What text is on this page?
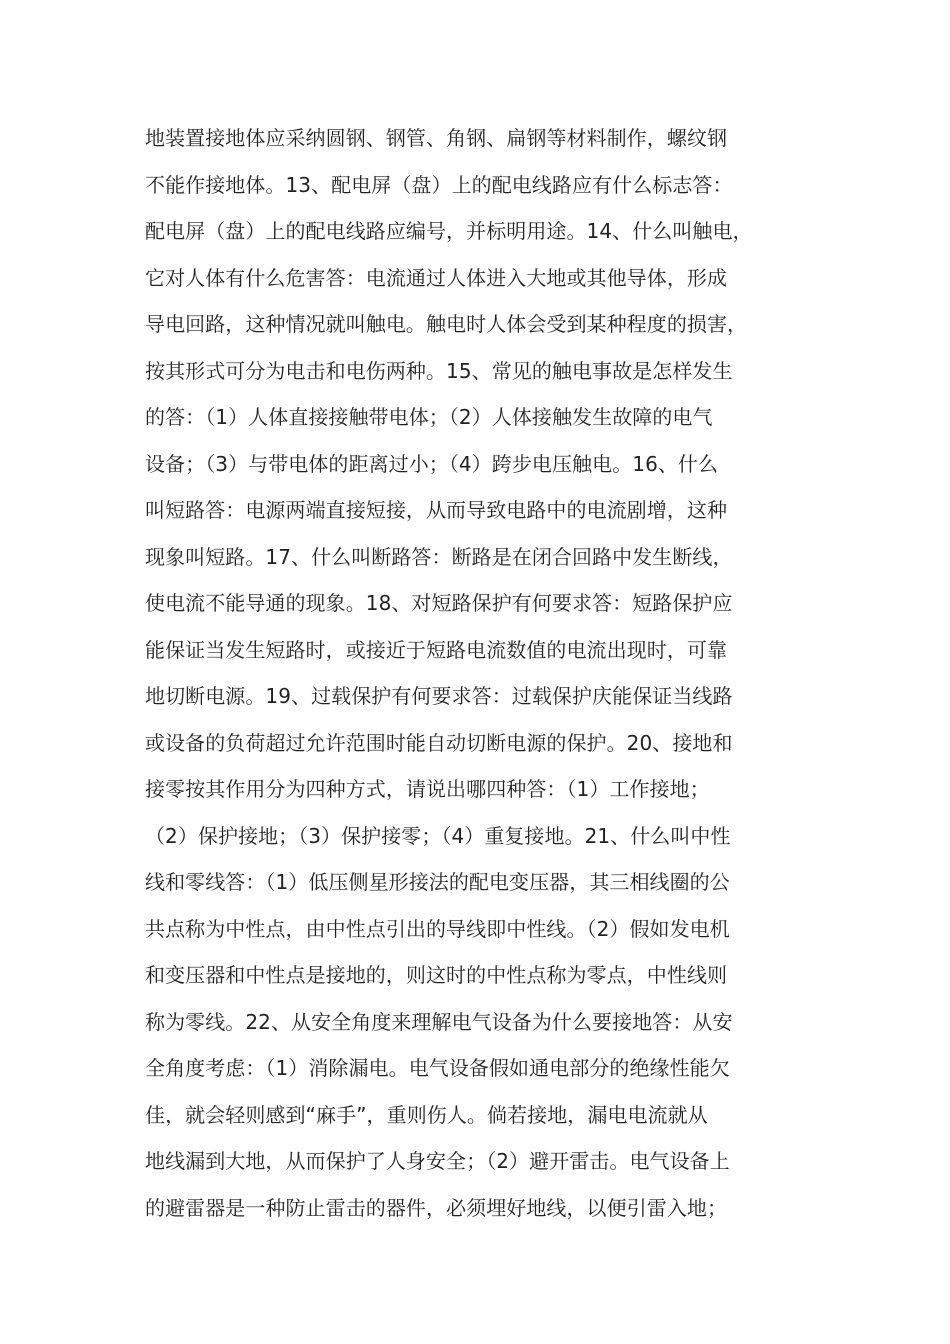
地装置接地体应采纳圆钢、钢管、角钢、扁钢等材料制作，螺纹钢
不能作接地体。13、配电屏（盘）上的配电线路应有什么标志答：
配电屏（盘）上的配电线路应编号，并标明用途。14、什么叫触电，
它对人体有什么危害答：电流通过人体进入大地或其他导体，形成
导电回路，这种情况就叫触电。触电时人体会受到某种程度的损害，
按其形式可分为电击和电伤两种。15、常见的触电事故是怎样发生
的答：（1）人体直接接触带电体；（2）人体接触发生故障的电气
设备；（3）与带电体的距离过小；（4）跨步电压触电。16、什么
叫短路答：电源两端直接短接，从而导致电路中的电流剧增，这种
现象叫短路。17、什么叫断路答：断路是在闭合回路中发生断线，
使电流不能导通的现象。18、对短路保护有何要求答：短路保护应
能保证当发生短路时，或接近于短路电流数值的电流出现时，可靠
地切断电源。19、过载保护有何要求答：过载保护庆能保证当线路
或设备的负荷超过允许范围时能自动切断电源的保护。20、接地和
接零按其作用分为四种方式，请说出哪四种答：（1）工作接地；
（2）保护接地；（3）保护接零；（4）重复接地。21、什么叫中性
线和零线答：（1）低压侧星形接法的配电变压器，其三相线圈的公
共点称为中性点，由中性点引出的导线即中性线。（2）假如发电机
和变压器和中性点是接地的，则这时的中性点称为零点，中性线则
称为零线。22、从安全角度来理解电气设备为什么要接地答：从安
全角度考虑：（1）消除漏电。电气设备假如通电部分的绝缘性能欠
佳，就会轻则感到“麻手”，重则伤人。倘若接地，漏电电流就从
地线漏到大地，从而保护了人身安全；（2）避开雷击。电气设备上
的避雷器是一种防止雷击的器件，必须埋好地线，以便引雷入地；
